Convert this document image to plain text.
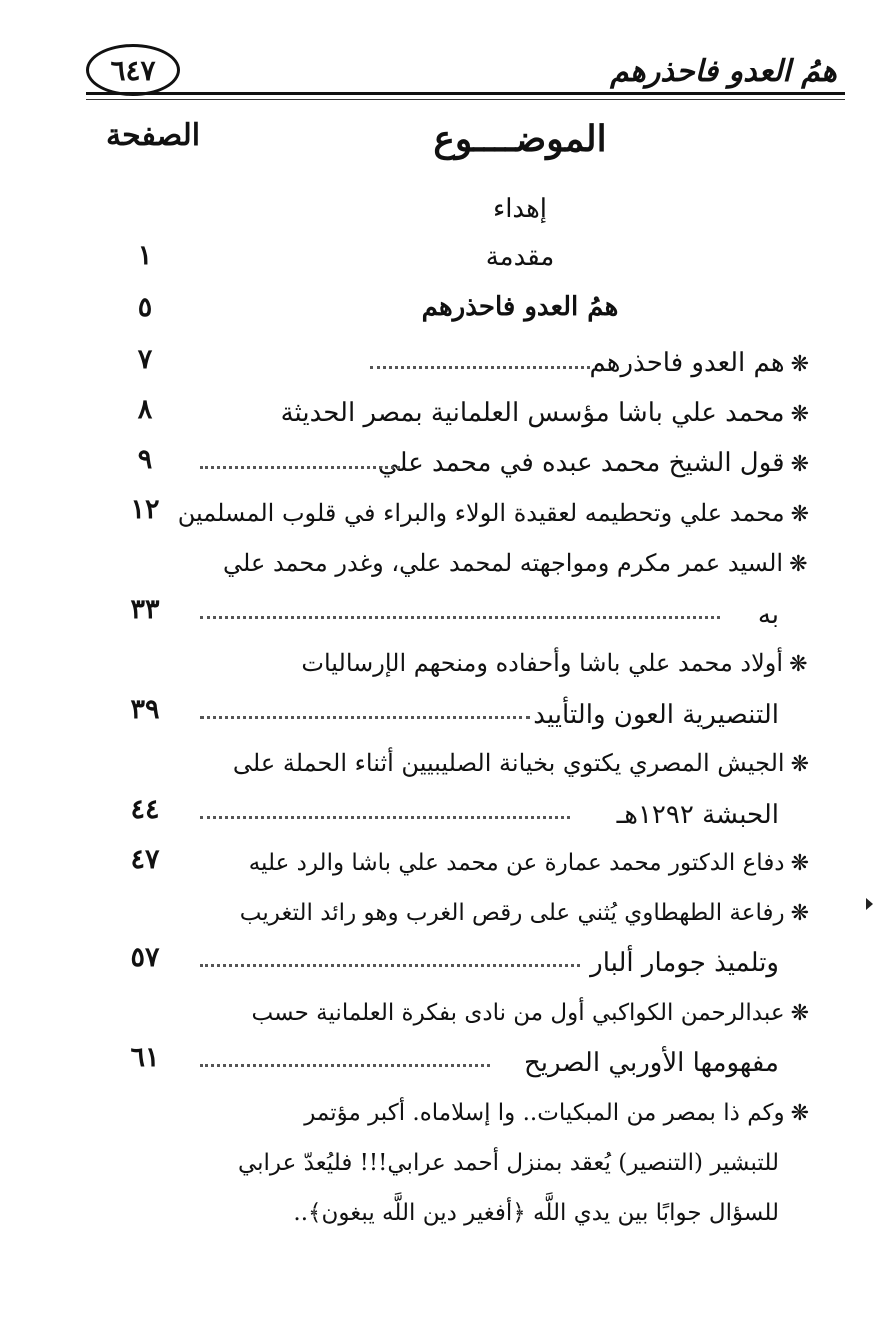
٦٤٧	همُ العدو فاحذرهم
الصفحة	الموضــــوع
إهداء
مقدمة
١
همُ العدو فاحذرهم
٥
❋هم العدو فاحذرهم
٧
❋محمد علي باشا مؤسس العلمانية بمصر الحديثة
٨
❋قول الشيخ محمد عبده في محمد علي
٩
❋محمد علي وتحطيمه لعقيدة الولاء والبراء في قلوب المسلمين
١٢
❋السيد عمر مكرم ومواجهته لمحمد علي، وغدر محمد علي
به
٣٣
❋أولاد محمد علي باشا وأحفاده ومنحهم الإرساليات
التنصيرية العون والتأييد
٣٩
❋الجيش المصري يكتوي بخيانة الصليبيين أثناء الحملة على
الحبشة ١٢٩٢هـ
٤٤
❋دفاع الدكتور محمد عمارة عن محمد علي باشا والرد عليه
٤٧
❋رفاعة الطهطاوي يُثني على رقص الغرب وهو رائد التغريب
وتلميذ جومار ألبار
٥٧
❋عبدالرحمن الكواكبي أول من نادى بفكرة العلمانية حسب
مفهومها الأوربي الصريح
٦١
❋وكم ذا بمصر من المبكيات.. وا إسلاماه. أكبر مؤتمر
للتبشير (التنصير) يُعقد بمنزل أحمد عرابي!!! فليُعدّ عرابي
للسؤال جوابًا بين يدي اللَّه ﴿أفغير دين اللَّه يبغون﴾..
